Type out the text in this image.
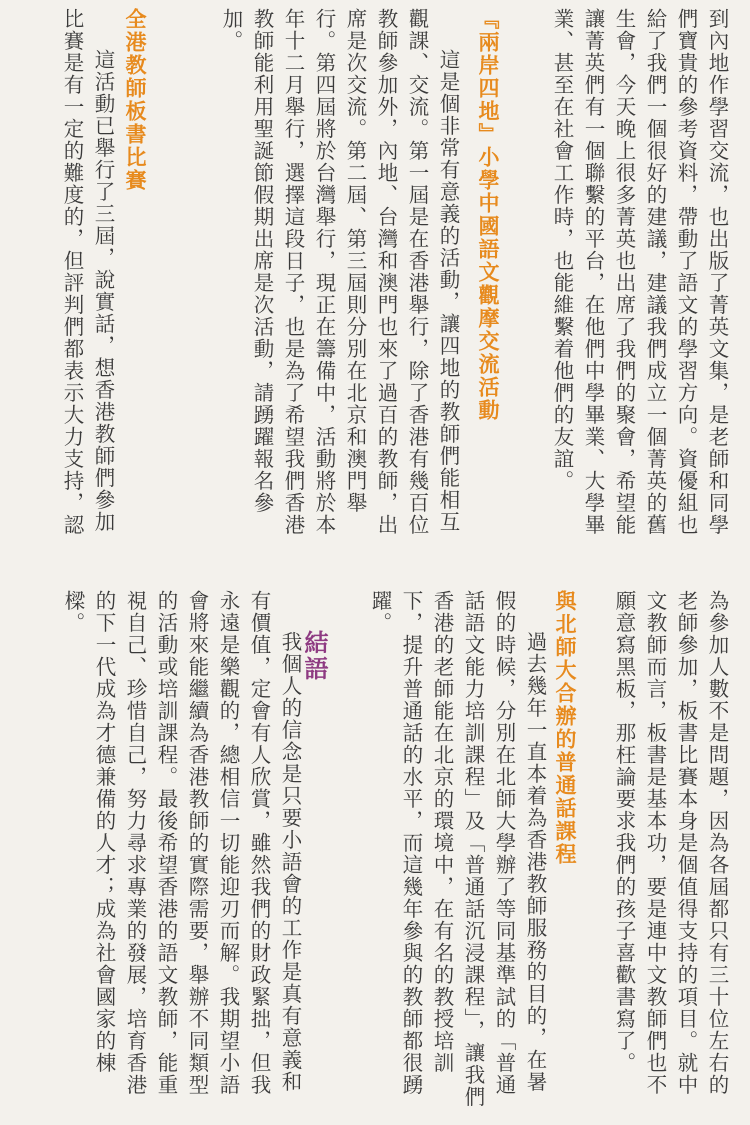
到內地作學習交流，也出版了菁英文集，是老師和同學們寶貴的參考資料，帶動了語文的學習方向。資優組也給了我們一個很好的建議，建議我們成立一個菁英的舊生會，今天晚上很多菁英也出席了我們的聚會，希望能讓菁英們有一個聯繫的平台，在他們中學畢業、大學畢業、甚至在社會工作時，也能維繫着他們的友誼。

『兩岸四地』小學中國語文觀摩交流活動

這是個非常有意義的活動，讓四地的教師們能相互觀課、交流。第一屆是在香港舉行，除了香港有幾百位教師參加外，內地、台灣和澳門也來了過百的教師，出席是次交流。第二屆、第三屆則分別在北京和澳門舉行。第四屆將於台灣舉行，現正在籌備中，活動將於本年十二月舉行，選擇這段日子，也是為了希望我們香港教師能利用聖誕節假期出席是次活動，請踴躍報名參加。

全港教師板書比賽

這活動已舉行了三屆，說實話，想香港教師們參加比賽是有一定的難度的，但評判們都表示大力支持，認

為參加人數不是問題，因為各屆都只有三十位左右的老師參加，板書比賽本身是個值得支持的項目。就中文教師而言，板書是基本功，要是連中文教師們也不願意寫黑板，那枉論要求我們的孩子喜歡書寫了。

與北師大合辦的普通話課程

過去幾年一直本着為香港教師服務的目的，在暑假的時候，分別在北師大學辦了等同基準試的「普通話語文能力培訓課程」及「普通話沉浸課程」，讓我們香港的老師能在北京的環境中，在有名的教授培訓下，提升普通話的水平，而這幾年參與的教師都很踴躍。

結語

我個人的信念是只要小語會的工作是真有意義和有價值，定會有人欣賞，雖然我們的財政緊拙，但我永遠是樂觀的，總相信一切能迎刃而解。我期望小語會將來能繼續為香港教師的實際需要，舉辦不同類型的活動或培訓課程。最後希望香港的語文教師，能重視自己、珍惜自己，努力尋求專業的發展，培育香港的下一代成為才德兼備的人才；成為社會國家的棟樑。
